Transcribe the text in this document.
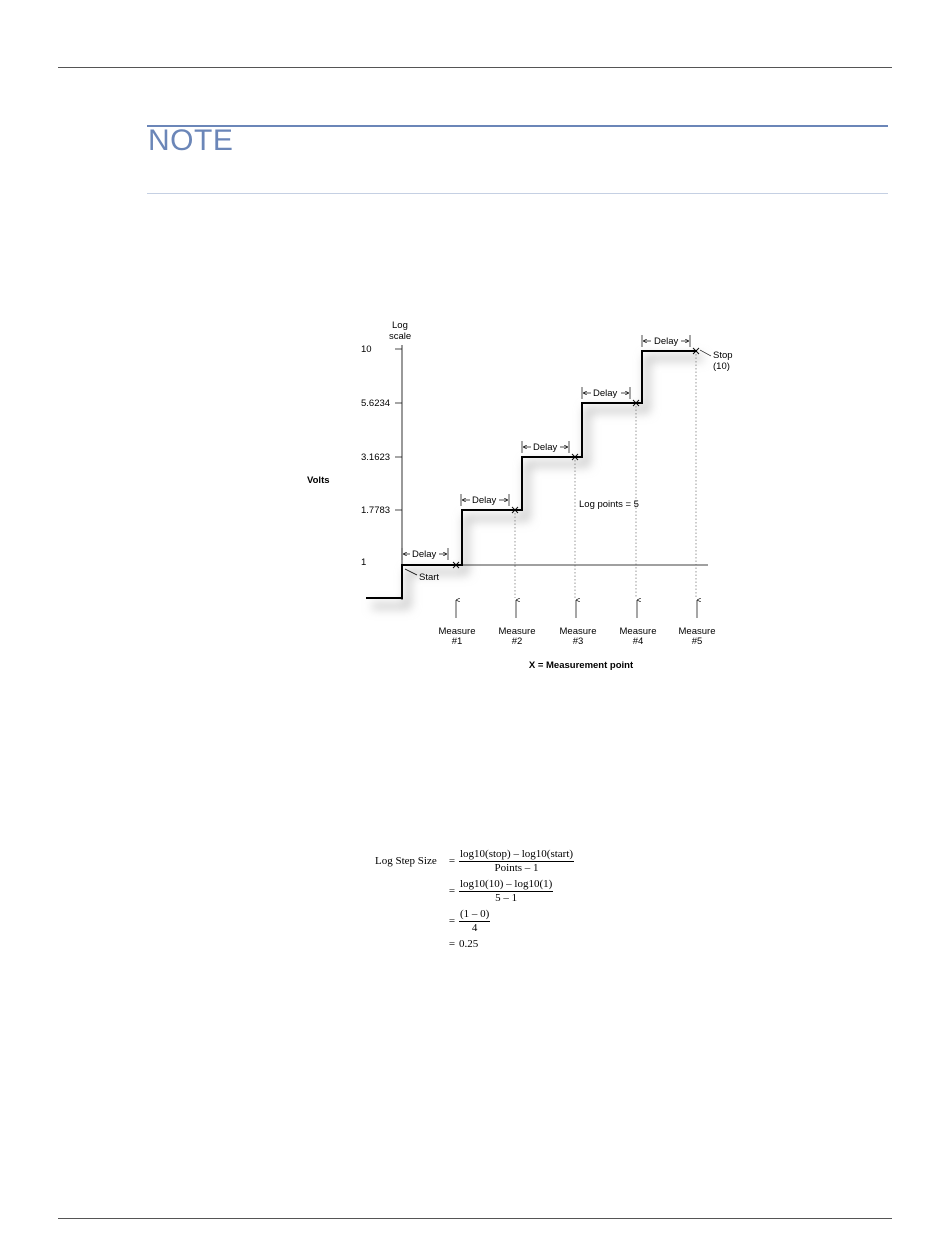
NOTE
Log
scale
10
5.6234
3.1623
1.7783
1
Volts
Delay
Delay
Delay
Delay
Delay
Start
Stop
(10)
Log points = 5
Measure
#1
Measure
#2
Measure
#3
Measure
#4
Measure
#5
X = Measurement point
Log Step Size	= $\frac{\text{log10(stop) – log10(start)}}{\text{Points – 1}}$
= $\frac{\log 10(10) - \log 10(1)}{5 - 1}$
= $\frac{(1 - 0)}{4}$
= 0.25
